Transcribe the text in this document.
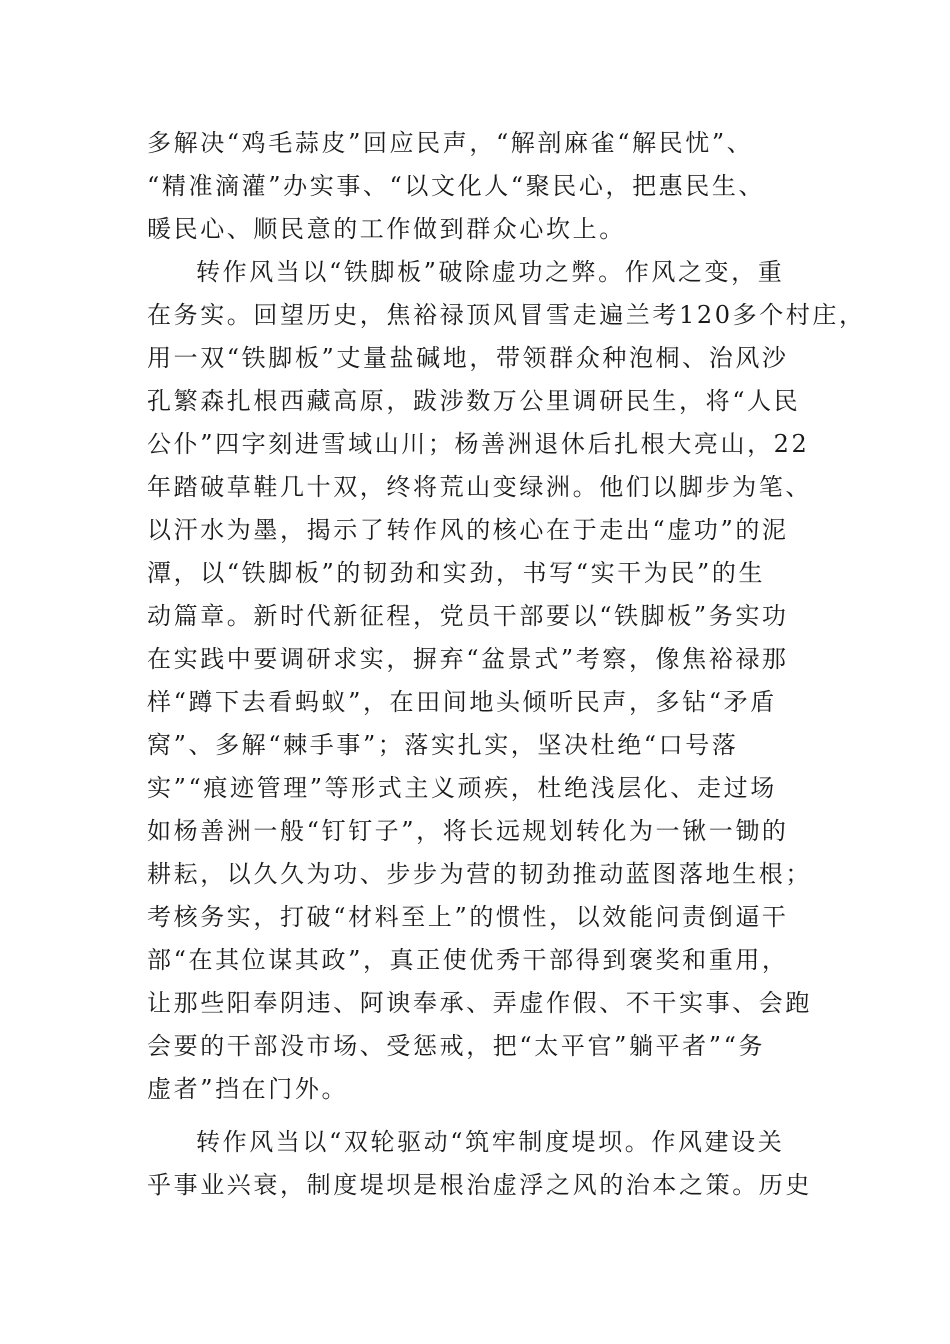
多解决“鸡毛蒜皮”回应民声，“解剖麻雀“解民忧”、
“精准滴灌”办实事、“以文化人“聚民心，把惠民生、
暖民心、顺民意的工作做到群众心坎上。
转作风当以“铁脚板”破除虚功之弊。作风之变，重
在务实。回望历史，焦裕禄顶风冒雪走遍兰考120多个村庄，
用一双“铁脚板”丈量盐碱地，带领群众种泡桐、治风沙
孔繁森扎根西藏高原，跋涉数万公里调研民生，将“人民
公仆”四字刻进雪域山川；杨善洲退休后扎根大亮山，22
年踏破草鞋几十双，终将荒山变绿洲。他们以脚步为笔、
以汗水为墨，揭示了转作风的核心在于走出“虚功”的泥
潭，以“铁脚板”的韧劲和实劲，书写“实干为民”的生
动篇章。新时代新征程，党员干部要以“铁脚板”务实功
在实践中要调研求实，摒弃“盆景式”考察，像焦裕禄那
样“蹲下去看蚂蚁”，在田间地头倾听民声，多钻“矛盾
窝”、多解“棘手事”；落实扎实，坚决杜绝“口号落
实”“痕迹管理”等形式主义顽疾，杜绝浅层化、走过场
如杨善洲一般“钉钉子”，将长远规划转化为一锹一锄的
耕耘，以久久为功、步步为营的韧劲推动蓝图落地生根；
考核务实，打破“材料至上”的惯性，以效能问责倒逼干
部“在其位谋其政”，真正使优秀干部得到褒奖和重用，
让那些阳奉阴违、阿谀奉承、弄虚作假、不干实事、会跑
会要的干部没市场、受惩戒，把“太平官”躺平者”“务
虚者”挡在门外。
转作风当以“双轮驱动“筑牢制度堤坝。作风建设关
乎事业兴衰，制度堤坝是根治虚浮之风的治本之策。历史
